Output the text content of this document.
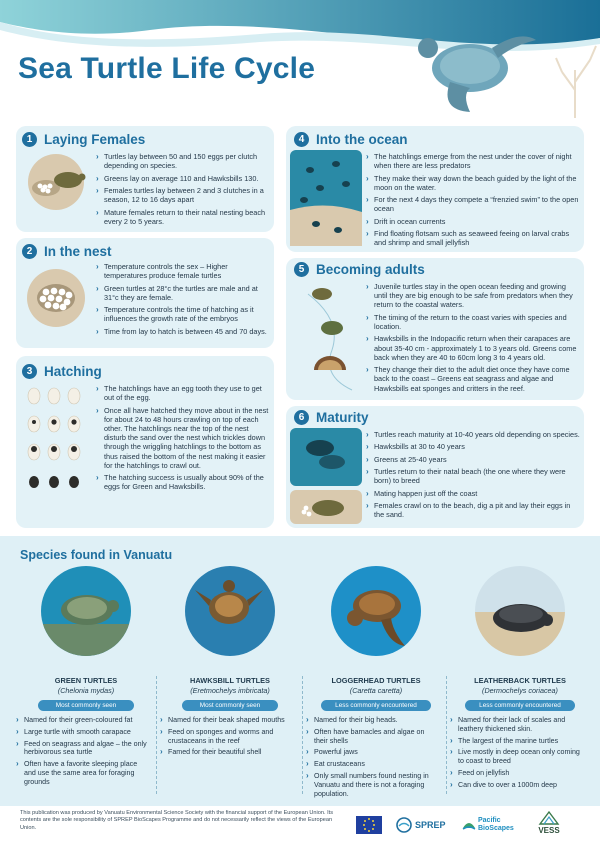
Sea Turtle Life Cycle
1 Laying Females
› Turtles lay between 50 and 150 eggs per clutch depending on species.
› Greens lay on average 110 and Hawksbills 130.
› Females turtles lay between 2 and 3 clutches in a season, 12 to 16 days apart
› Mature females return to their natal nesting beach every 2 to 5 years.
2 In the nest
› Temperature controls the sex – Higher temperatures produce female turtles
› Green turtles at 28°c the turtles are male and at 31°c they are female.
› Temperature controls the time of hatching as it influences the growth rate of the embryos
› Time from lay to hatch is between 45 and 70 days.
3 Hatching
› The hatchlings have an egg tooth they use to get out of the egg.
› Once all have hatched they move about in the nest for about 24 to 48 hours crawling on top of each other. The hatchlings near the top of the nest disturb the sand over the nest which trickles down through the wriggling hatchlings to the bottom as thus raised the bottom of the nest making it easier for the hatchlings to crawl out.
› The hatching success is usually about 90% of the eggs for Green and Hawksbills.
4 Into the ocean
› The hatchlings emerge from the nest under the cover of night when there are less predators
› They make their way down the beach guided by the light of the moon on the water.
› For the next 4 days they compete a “frenzied swim” to the open ocean
› Drift in ocean currents
› Find floating flotsam such as seaweed feeing on larval crabs and shrimp and small jellyfish
5 Becoming adults
› Juvenile turtles stay in the open ocean feeding and growing until they are big enough to be safe from predators when they return to the coastal waters.
› The timing of the return to the coast varies with species and location.
› Hawksbills in the Indopacific return when their carapaces are about 35-40 cm - approximately 1 to 3 years old. Greens come back when they are 40 to 60cm long 3 to 4 years old.
› They change their diet to the adult diet once they have come back to the coast – Greens eat seagrass and algae and Hawksbills eat sponges and critters in the reef.
6 Maturity
› Turtles reach maturity at 10-40 years old depending on species.
› Hawksbills at 30 to 40 years
› Greens at 25-40 years
› Turtles return to their natal beach (the one where they were born) to breed
› Mating happen just off the coast
› Females crawl on to the beach, dig a pit and lay their eggs in the sand.
Species found in Vanuatu
GREEN TURTLES
(Chelonia mydas)
Most commonly seen
› Named for their green-coloured fat
› Large turtle with smooth carapace
› Feed on seagrass and algae – the only herbivorous sea turtle
› Often have a favorite sleeping place and use the same area for foraging grounds
HAWKSBILL TURTLES
(Eretmochelys imbricata)
Most commonly seen
› Named for their beak shaped mouths
› Feed on sponges and worms and crustaceans in the reef
› Famed for their beautiful shell
LOGGERHEAD TURTLES
(Caretta caretta)
Less commonly encountered
› Named for their big heads.
› Often have barnacles and algae on their shells
› Powerful jaws
› Eat crustaceans
› Only small numbers found nesting in Vanuatu and there is not a foraging population.
LEATHERBACK TURTLES
(Dermochelys coriacea)
Less commonly encountered
› Named for their lack of scales and leathery thickened skin.
› The largest of the marine turtles
› Live mostly in deep ocean only coming to coast to breed
› Feed on jellyfish
› Can dive to over a 1000m deep
This publication was produced by Vanuatu Environmental Science Society with the financial support of the European Union. Its contents are the sole responsibility of SPREP BioScapes Programme and do not necessarily reflect the views of the European Union.	SPREP	Pacific BioScapes	VESS
